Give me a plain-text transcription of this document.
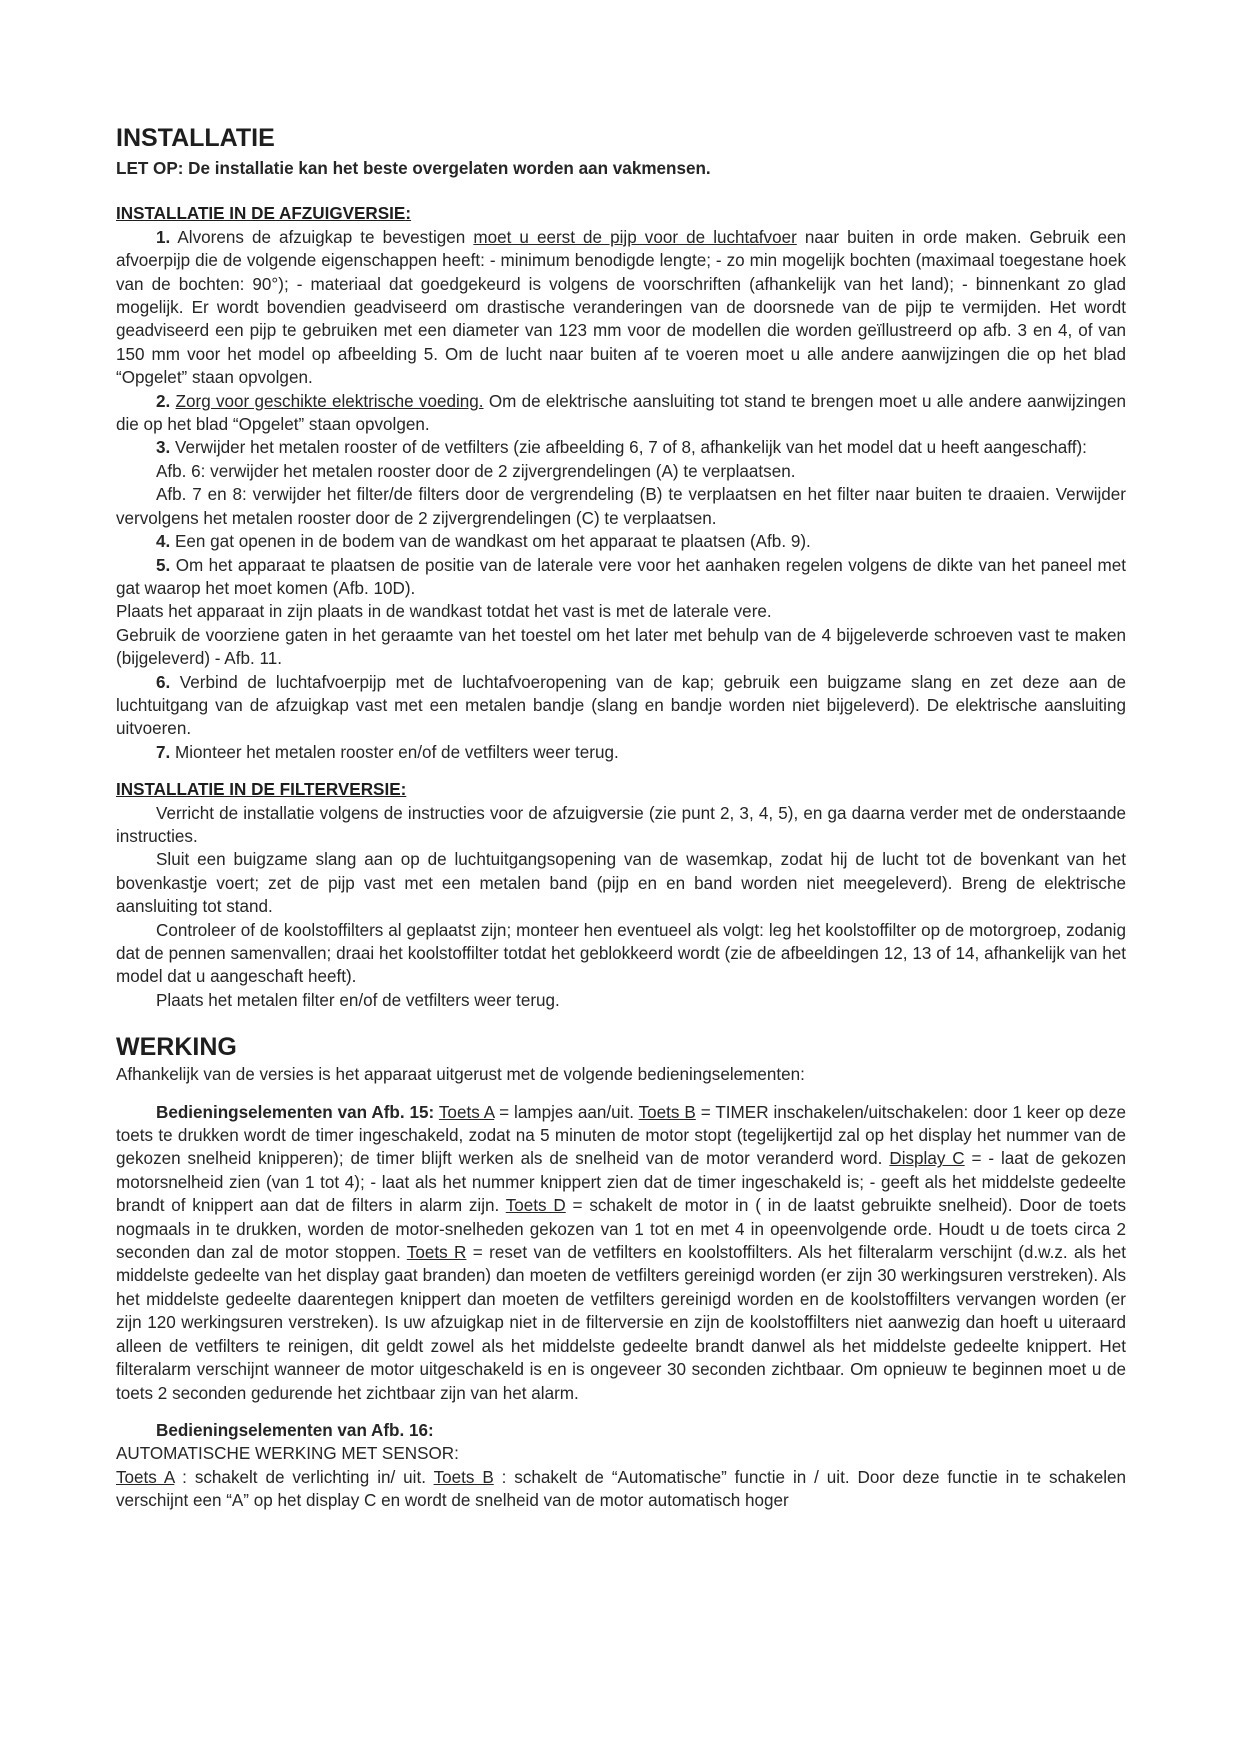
INSTALLATIE

LET OP: De installatie kan het beste overgelaten worden aan vakmensen.

INSTALLATIE IN DE AFZUIGVERSIE:

1. Alvorens de afzuigkap te bevestigen moet u eerst de pijp voor de luchtafvoer naar buiten in orde maken. Gebruik een afvoerpijp die de volgende eigenschappen heeft: - minimum benodigde lengte; - zo min mogelijk bochten (maximaal toegestane hoek van de bochten: 90°); - materiaal dat goedgekeurd is volgens de voorschriften (afhankelijk van het land); - binnenkant zo glad mogelijk. Er wordt bovendien geadviseerd om drastische veranderingen van de doorsnede van de pijp te vermijden. Het wordt geadviseerd een pijp te gebruiken met een diameter van 123 mm voor de modellen die worden geïllustreerd op afb. 3 en 4, of van 150 mm voor het model op afbeelding 5. Om de lucht naar buiten af te voeren moet u alle andere aanwijzingen die op het blad “Opgelet” staan opvolgen.

2. Zorg voor geschikte elektrische voeding. Om de elektrische aansluiting tot stand te brengen moet u alle andere aanwijzingen die op het blad “Opgelet” staan opvolgen.

3. Verwijder het metalen rooster of de vetfilters (zie afbeelding 6, 7 of 8, afhankelijk van het model dat u heeft aangeschaff):

Afb. 6: verwijder het metalen rooster door de 2 zijvergrendelingen (A) te verplaatsen.

Afb. 7 en 8: verwijder het filter/de filters door de vergrendeling (B) te verplaatsen en het filter naar buiten te draaien. Verwijder vervolgens het metalen rooster door de 2 zijvergrendelingen (C) te verplaatsen.

4. Een gat openen in de bodem van de wandkast om het apparaat te plaatsen (Afb. 9).

5. Om het apparaat te plaatsen de positie van de laterale vere voor het aanhaken regelen volgens de dikte van het paneel met gat waarop het moet komen (Afb. 10D).

Plaats het apparaat in zijn plaats in de wandkast totdat het vast is met de laterale vere.

Gebruik de voorziene gaten in het geraamte van het toestel om het later met behulp van de 4 bijgeleverde schroeven vast te maken (bijgeleverd) - Afb. 11.

6. Verbind de luchtafvoerpijp met de luchtafvoeropening van de kap; gebruik een buigzame slang en zet deze aan de luchtuitgang van de afzuigkap vast met een metalen bandje (slang en bandje worden niet bijgeleverd). De elektrische aansluiting uitvoeren.

7. Mionteer het metalen rooster en/of de vetfilters weer terug.

INSTALLATIE IN DE FILTERVERSIE:

Verricht de installatie volgens de instructies voor de afzuigversie (zie punt 2, 3, 4, 5), en ga daarna verder met de onderstaande instructies.

Sluit een buigzame slang aan op de luchtuitgangsopening van de wasemkap, zodat hij de lucht tot de bovenkant van het bovenkastje voert; zet de pijp vast met een metalen band (pijp en en band worden niet meegeleverd). Breng de elektrische aansluiting tot stand.

Controleer of de koolstoffilters al geplaatst zijn; monteer hen eventueel als volgt: leg het koolstoffilter op de motorgroep, zodanig dat de pennen samenvallen; draai het koolstoffilter totdat het geblokkeerd wordt (zie de afbeeldingen 12, 13 of 14, afhankelijk van het model dat u aangeschaft heeft).

Plaats het metalen filter en/of de vetfilters weer terug.

WERKING

Afhankelijk van de versies is het apparaat uitgerust met de volgende bedieningselementen:

Bedieningselementen van Afb. 15: Toets A = lampjes aan/uit. Toets B = TIMER inschakelen/uitschakelen: door 1 keer op deze toets te drukken wordt de timer ingeschakeld, zodat na 5 minuten de motor stopt (tegelijkertijd zal op het display het nummer van de gekozen snelheid knipperen); de timer blijft werken als de snelheid van de motor veranderd word. Display C = - laat de gekozen motorsnelheid zien (van 1 tot 4); - laat als het nummer knippert zien dat de timer ingeschakeld is; - geeft als het middelste gedeelte brandt of knippert aan dat de filters in alarm zijn. Toets D = schakelt de motor in ( in de laatst gebruikte snelheid). Door de toets nogmaals in te drukken, worden de motor-snelheden gekozen van 1 tot en met 4 in opeenvolgende orde. Houdt u de toets circa 2 seconden dan zal de motor stoppen. Toets R = reset van de vetfilters en koolstoffilters. Als het filteralarm verschijnt (d.w.z. als het middelste gedeelte van het display gaat branden) dan moeten de vetfilters gereinigd worden (er zijn 30 werkingsuren verstreken). Als het middelste gedeelte daarentegen knippert dan moeten de vetfilters gereinigd worden en de koolstoffilters vervangen worden (er zijn 120 werkingsuren verstreken). Is uw afzuigkap niet in de filterversie en zijn de koolstoffilters niet aanwezig dan hoeft u uiteraard alleen de vetfilters te reinigen, dit geldt zowel als het middelste gedeelte brandt danwel als het middelste gedeelte knippert. Het filteralarm verschijnt wanneer de motor uitgeschakeld is en is ongeveer 30 seconden zichtbaar. Om opnieuw te beginnen moet u de toets 2 seconden gedurende het zichtbaar zijn van het alarm.

Bedieningselementen van Afb. 16:

AUTOMATISCHE WERKING MET SENSOR:

Toets A : schakelt de verlichting in/ uit. Toets B : schakelt de “Automatische” functie in / uit. Door deze functie in te schakelen verschijnt een “A” op het display C en wordt de snelheid van de motor automatisch hoger
